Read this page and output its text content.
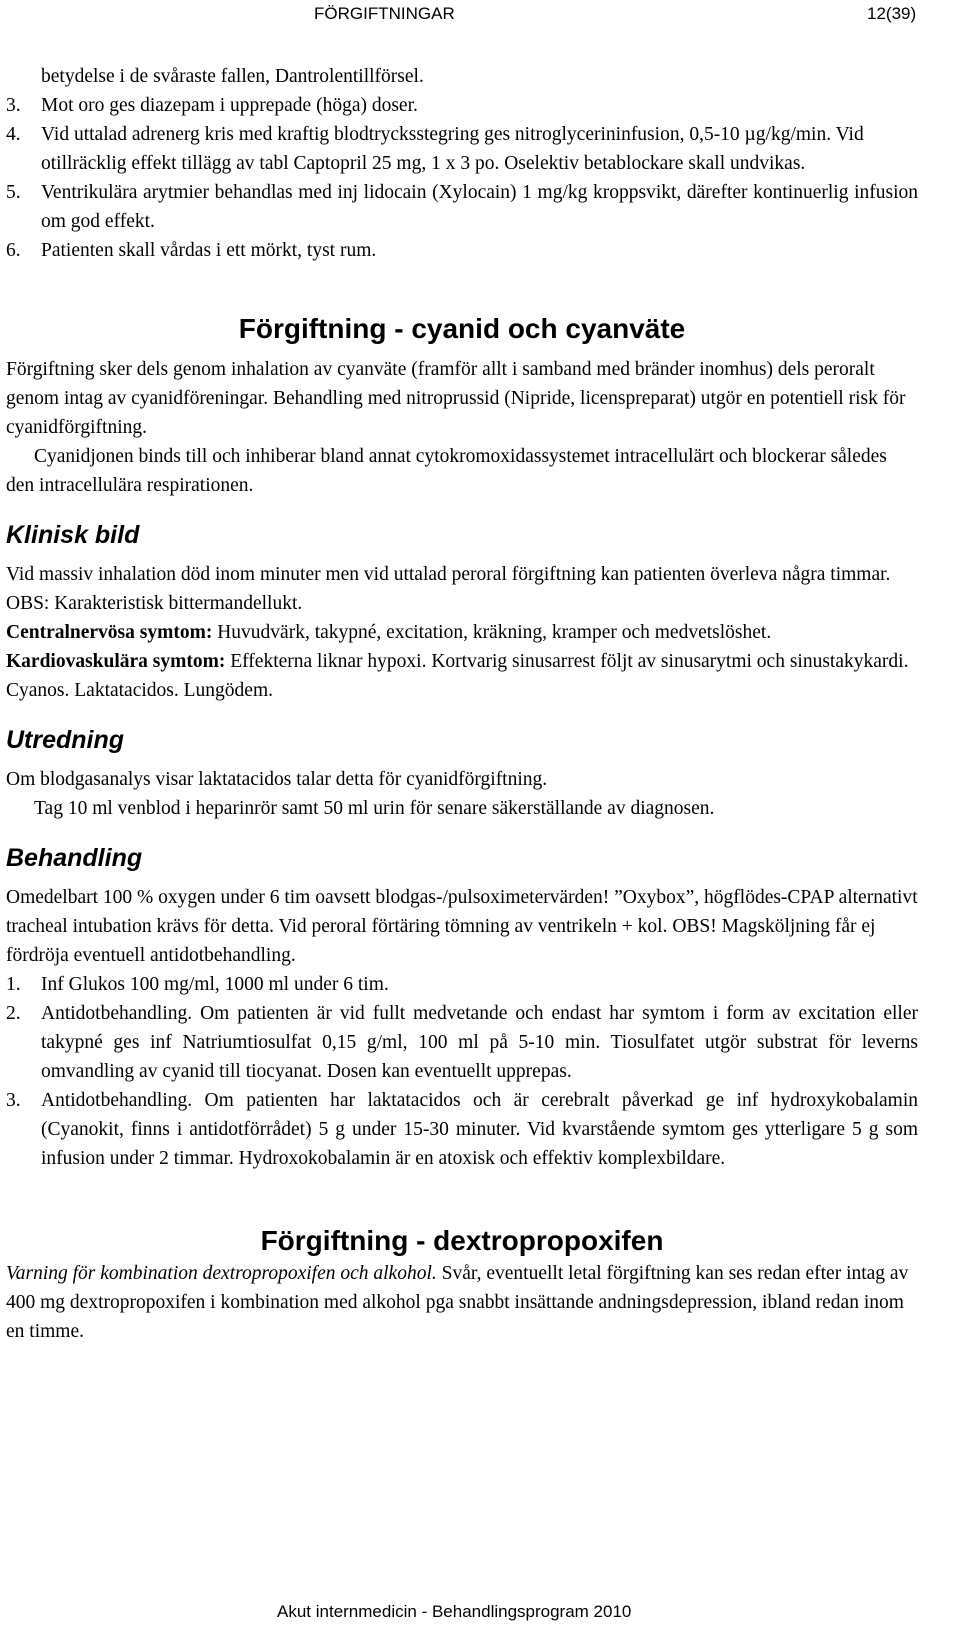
FÖRGIFTNINGAR	12(39)

betydelse i de svåraste fallen, Dantrolentillförsel.

3.	Mot oro ges diazepam i upprepade (höga) doser.
4.	Vid uttalad adrenerg kris med kraftig blodtrycksstegring ges nitroglycerininfusion, 0,5-10 µg/kg/min. Vid otillräcklig effekt tillägg av tabl Captopril 25 mg, 1 x 3 po. Oselektiv betablockare skall undvikas.
5.	Ventrikulära arytmier behandlas med inj lidocain (Xylocain) 1 mg/kg kroppsvikt, därefter kontinuerlig infusion om god effekt.
6.	Patienten skall vårdas i ett mörkt, tyst rum.
Förgiftning - cyanid och cyanväte

Förgiftning sker dels genom inhalation av cyanväte (framför allt i samband med bränder inomhus) dels peroralt genom intag av cyanidföreningar. Behandling med nitroprussid (Nipride, licenspreparat) utgör en potentiell risk för cyanidförgiftning.

Cyanidjonen binds till och inhiberar bland annat cytokromoxidassystemet intracellulärt och blockerar således den intracellulära respirationen.

Klinisk bild

Vid massiv inhalation död inom minuter men vid uttalad peroral förgiftning kan patienten överleva några timmar. OBS: Karakteristisk bittermandellukt.

Centralnervösa symtom: Huvudvärk, takypné, excitation, kräkning, kramper och medvetslöshet.

Kardiovaskulära symtom: Effekterna liknar hypoxi. Kortvarig sinusarrest följt av sinusarytmi och sinustakykardi. Cyanos. Laktatacidos. Lungödem.

Utredning

Om blodgasanalys visar laktatacidos talar detta för cyanidförgiftning.

Tag 10 ml venblod i heparinrör samt 50 ml urin för senare säkerställande av diagnosen.

Behandling

Omedelbart 100 % oxygen under 6 tim oavsett blodgas-/pulsoximetervärden! ”Oxybox”, högflödes-CPAP alternativt tracheal intubation krävs för detta. Vid peroral förtäring tömning av ventrikeln + kol. OBS! Magsköljning får ej fördröja eventuell antidotbehandling.

1.	Inf Glukos 100 mg/ml, 1000 ml under 6 tim.
2.	Antidotbehandling. Om patienten är vid fullt medvetande och endast har symtom i form av excitation eller takypné ges inf Natriumtiosulfat 0,15 g/ml, 100 ml på 5-10 min. Tiosulfatet utgör substrat för leverns omvandling av cyanid till tiocyanat. Dosen kan eventuellt upprepas.
3.	Antidotbehandling. Om patienten har laktatacidos och är cerebralt påverkad ge inf hydroxykobalamin (Cyanokit, finns i antidotförrådet) 5 g under 15-30 minuter. Vid kvarstående symtom ges ytterligare 5 g som infusion under 2 timmar. Hydroxokobalamin är en atoxisk och effektiv komplexbildare.
Förgiftning - dextropropoxifen

Varning för kombination dextropropoxifen och alkohol. Svår, eventuellt letal förgiftning kan ses redan efter intag av 400 mg dextropropoxifen i kombination med alkohol pga snabbt insättande andningsdepression, ibland redan inom en timme.

Akut internmedicin - Behandlingsprogram 2010
